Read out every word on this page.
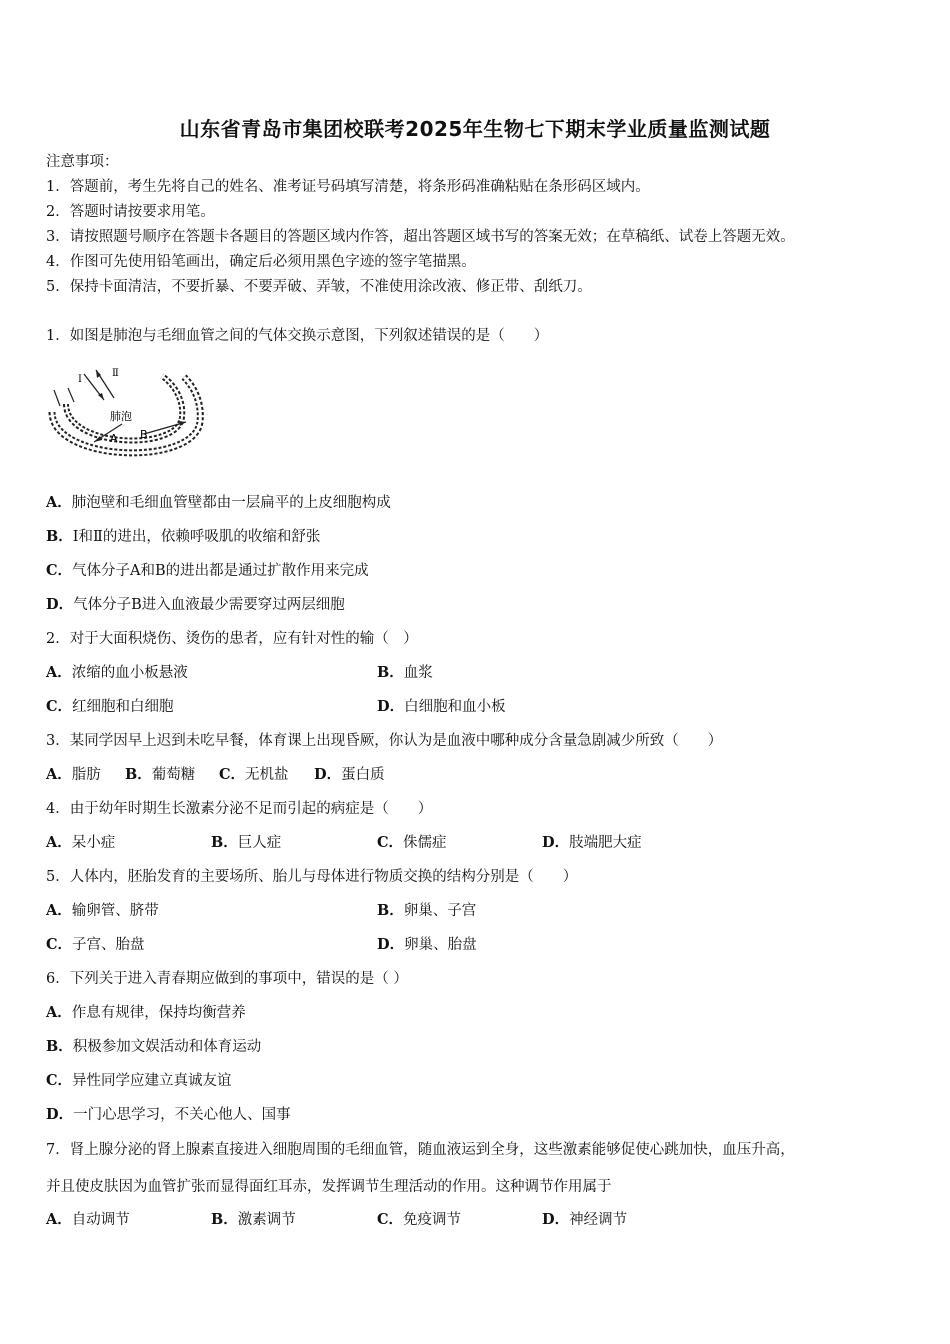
山东省青岛市集团校联考2025年生物七下期末学业质量监测试题
注意事项：
1．答题前，考生先将自己的姓名、准考证号码填写清楚，将条形码准确粘贴在条形码区域内。
2．答题时请按要求用笔。
3．请按照题号顺序在答题卡各题目的答题区域内作答，超出答题区域书写的答案无效；在草稿纸、试卷上答题无效。
4．作图可先使用铅笔画出，确定后必须用黑色字迹的签字笔描黑。
5．保持卡面清洁，不要折暴、不要弄破、弄皱，不准使用涂改液、修正带、刮纸刀。
1．如图是肺泡与毛细血管之间的气体交换示意图，下列叙述错误的是（　　）
Ⅰ
Ⅱ
肺泡
A B
A．肺泡壁和毛细血管壁都由一层扁平的上皮细胞构成
B．Ⅰ和Ⅱ的进出，依赖呼吸肌的收缩和舒张
C．气体分子A和B的进出都是通过扩散作用来完成
D．气体分子B进入血液最少需要穿过两层细胞
2．对于大面积烧伤、烫伤的患者，应有针对性的输（　）
A．浓缩的血小板悬液	B．血浆
C．红细胞和白细胞	D．白细胞和血小板
3．某同学因早上迟到未吃早餐，体育课上出现昏厥，你认为是血液中哪种成分含量急剧减少所致（　　）
A．脂肪 B．葡萄糖 C．无机盐 D．蛋白质
4．由于幼年时期生长激素分泌不足而引起的病症是（　　）
A．呆小症	B．巨人症	C．侏儒症	D．肢端肥大症
5．人体内，胚胎发育的主要场所、胎儿与母体进行物质交换的结构分别是（　　）
A．输卵管、脐带	B．卵巢、子宫
C．子宫、胎盘	D．卵巢、胎盘
6．下列关于进入青春期应做到的事项中，错误的是（ ）
A．作息有规律，保持均衡营养
B．积极参加文娱活动和体育运动
C．异性同学应建立真诚友谊
D．一门心思学习，不关心他人、国事
7．肾上腺分泌的肾上腺素直接进入细胞周围的毛细血管，随血液运到全身，这些激素能够促使心跳加快，血压升高，
并且使皮肤因为血管扩张而显得面红耳赤，发挥调节生理活动的作用。这种调节作用属于
A．自动调节	B．激素调节	C．免疫调节	D．神经调节
